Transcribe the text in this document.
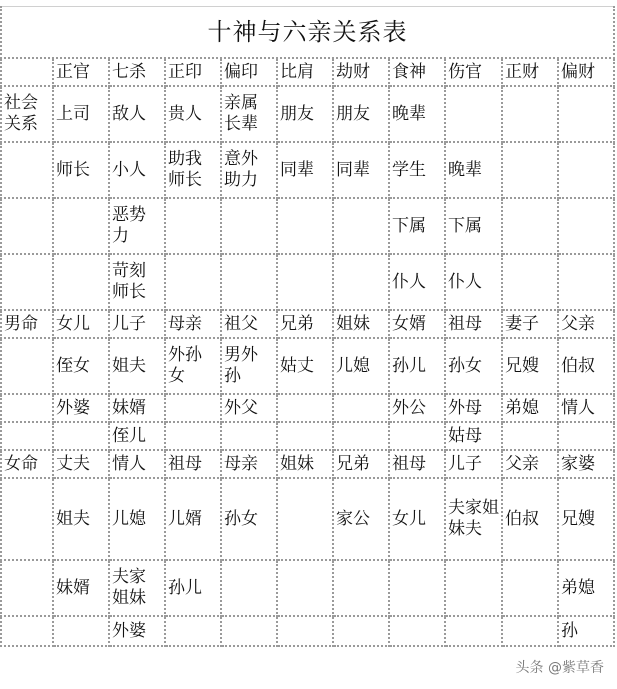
十神与六亲关系表										
	正官	七杀	正印	偏印	比肩	劫财	食神	伤官	正财	偏财
社会关系	上司	敌人	贵人	亲属长辈	朋友	朋友	晚辈			
	师长	小人	助我师长	意外助力	同辈	同辈	学生	晚辈		
		恶势力					下属	下属		
		苛刻师长					仆人	仆人		
男命	女儿	儿子	母亲	祖父	兄弟	姐妹	女婿	祖母	妻子	父亲
	侄女	姐夫	外孙女	男外孙	姑丈	儿媳	孙儿	孙女	兄嫂	伯叔
	外婆	妹婿		外父			外公	外母	弟媳	情人
		侄儿						姑母		
女命	丈夫	情人	祖母	母亲	姐妹	兄弟	祖母	儿子	父亲	家婆
	姐夫	儿媳	儿婿	孙女		家公	女儿	夫家姐妹夫	伯叔	兄嫂
	妹婿	夫家姐妹	孙儿							弟媳
		外婆								孙
头条 @紫草香
